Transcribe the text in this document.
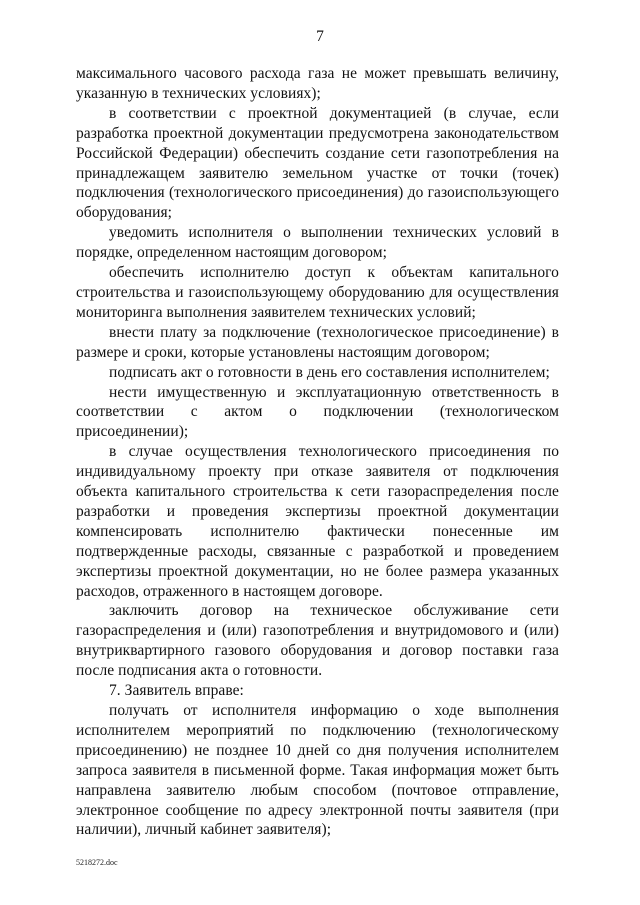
7

максимального часового расхода газа не может превышать величину, указанную в технических условиях);

в соответствии с проектной документацией (в случае, если разработка проектной документации предусмотрена законодательством Российской Федерации) обеспечить создание сети газопотребления на принадлежащем заявителю земельном участке от точки (точек) подключения (технологического присоединения) до газоиспользующего оборудования;

уведомить исполнителя о выполнении технических условий в порядке, определенном настоящим договором;

обеспечить исполнителю доступ к объектам капитального строительства и газоиспользующему оборудованию для осуществления мониторинга выполнения заявителем технических условий;

внести плату за подключение (технологическое присоединение) в размере и сроки, которые установлены настоящим договором;

подписать акт о готовности в день его составления исполнителем;

нести имущественную и эксплуатационную ответственность в соответствии с актом о подключении (технологическом присоединении);

в случае осуществления технологического присоединения по индивидуальному проекту при отказе заявителя от подключения объекта капитального строительства к сети газораспределения после разработки и проведения экспертизы проектной документации компенсировать исполнителю фактически понесенные им подтвержденные расходы, связанные с разработкой и проведением экспертизы проектной документации, но не более размера указанных расходов, отраженного в настоящем договоре.

заключить договор на техническое обслуживание сети газораспределения и (или) газопотребления и внутридомового и (или) внутриквартирного газового оборудования и договор поставки газа после подписания акта о готовности.

7. Заявитель вправе:

получать от исполнителя информацию о ходе выполнения исполнителем мероприятий по подключению (технологическому присоединению) не позднее 10 дней со дня получения исполнителем запроса заявителя в письменной форме. Такая информация может быть направлена заявителю любым способом (почтовое отправление, электронное сообщение по адресу электронной почты заявителя (при наличии), личный кабинет заявителя);

5218272.doc
